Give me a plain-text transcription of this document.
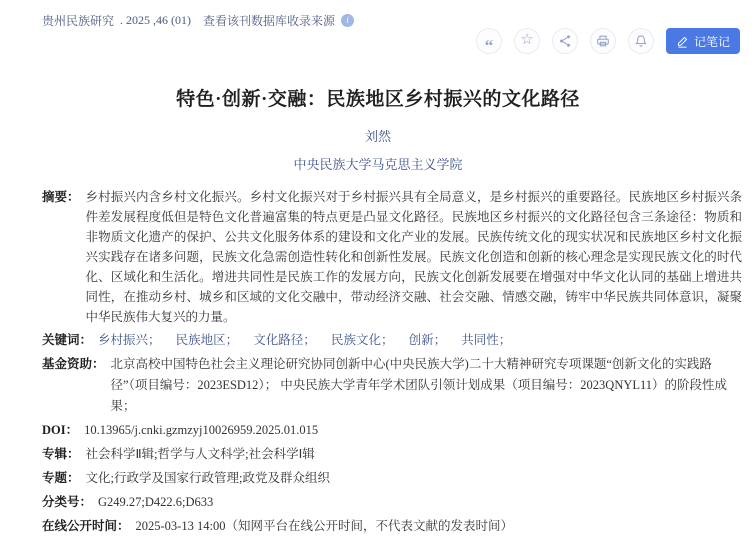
贵州民族研究 . 2025 ,46 (01) 查看该刊数据库收录来源	i
“ ☆	记笔记
特色·创新·交融：民族地区乡村振兴的文化路径
刘然
中央民族大学马克思主义学院
摘要： 乡村振兴内含乡村文化振兴。乡村文化振兴对于乡村振兴具有全局意义，是乡村振兴的重要路径。民族地区乡村振兴条件差发展程度低但是特色文化普遍富集的特点更是凸显文化路径。民族地区乡村振兴的文化路径包含三条途径：物质和非物质文化遗产的保护、公共文化服务体系的建设和文化产业的发展。民族传统文化的现实状况和民族地区乡村文化振兴实践存在诸多问题，民族文化急需创造性转化和创新性发展。民族文化创造和创新的核心理念是实现民族文化的时代化、区域化和生活化。增进共同性是民族工作的发展方向，民族文化创新发展要在增强对中华文化认同的基础上增进共同性，在推动乡村、城乡和区域的文化交融中，带动经济交融、社会交融、情感交融，铸牢中华民族共同体意识，凝聚中华民族伟大复兴的力量。
关键词： 乡村振兴； 民族地区； 文化路径； 民族文化； 创新； 共同性；
基金资助： 北京高校中国特色社会主义理论研究协同创新中心(中央民族大学)二十大精神研究专项课题“创新文化的实践路径”（项目编号：2023ESD12）； 中央民族大学青年学术团队引领计划成果（项目编号：2023QNYL11）的阶段性成果；
DOI： 10.13965/j.cnki.gzmzyj10026959.2025.01.015
专辑： 社会科学Ⅱ辑;哲学与人文科学;社会科学Ⅰ辑
专题： 文化;行政学及国家行政管理;政党及群众组织
分类号： G249.27;D422.6;D633
在线公开时间： 2025-03-13 14:00（知网平台在线公开时间，不代表文献的发表时间）
